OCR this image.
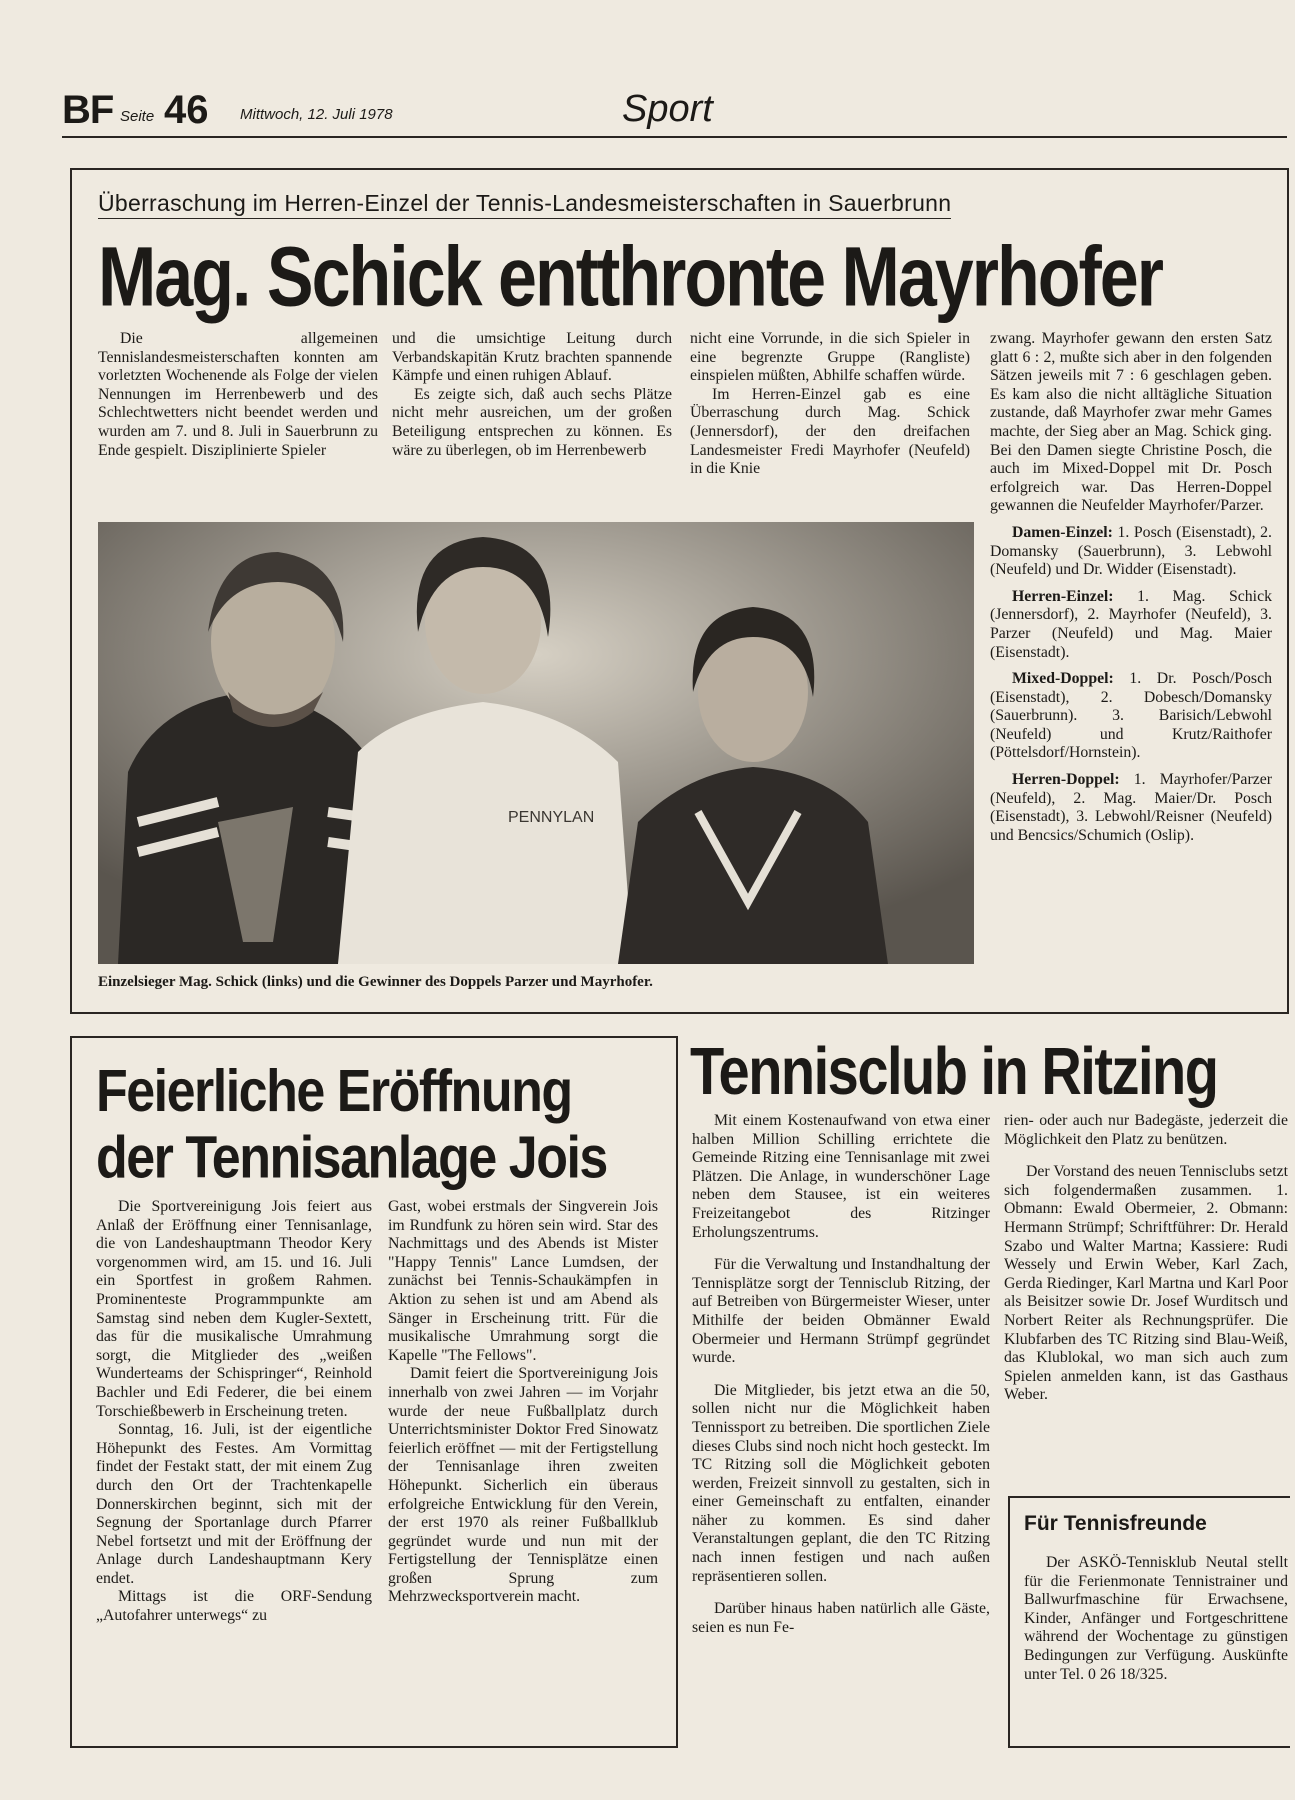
BF Seite 46 Mittwoch, 12. Juli 1978	Sport
Überraschung im Herren-Einzel der Tennis-Landesmeisterschaften in Sauerbrunn
Mag. Schick entthronte Mayrhofer

Die allgemeinen Tennislandesmeisterschaften konnten am vorletzten Wochenende als Folge der vielen Nennungen im Herrenbewerb und des Schlechtwetters nicht beendet werden und wurden am 7. und 8. Juli in Sauerbrunn zu Ende gespielt. Disziplinierte Spieler

und die umsichtige Leitung durch Verbandskapitän Krutz brachten spannende Kämpfe und einen ruhigen Ablauf.

Es zeigte sich, daß auch sechs Plätze nicht mehr ausreichen, um der großen Beteiligung entsprechen zu können. Es wäre zu überlegen, ob im Herrenbewerb

nicht eine Vorrunde, in die sich Spieler in eine begrenzte Gruppe (Rangliste) einspielen müßten, Abhilfe schaffen würde.

Im Herren-Einzel gab es eine Überraschung durch Mag. Schick (Jennersdorf), der den dreifachen Landesmeister Fredi Mayrhofer (Neufeld) in die Knie

zwang. Mayrhofer gewann den ersten Satz glatt 6 : 2, mußte sich aber in den folgenden Sätzen jeweils mit 7 : 6 geschlagen geben. Es kam also die nicht alltägliche Situation zustande, daß Mayrhofer zwar mehr Games machte, der Sieg aber an Mag. Schick ging. Bei den Damen siegte Christine Posch, die auch im Mixed-Doppel mit Dr. Posch erfolgreich war. Das Herren-Doppel gewannen die Neufelder Mayrhofer/Parzer.

Damen-Einzel: 1. Posch (Eisenstadt), 2. Domansky (Sauerbrunn), 3. Lebwohl (Neufeld) und Dr. Widder (Eisenstadt).

Herren-Einzel: 1. Mag. Schick (Jennersdorf), 2. Mayrhofer (Neufeld), 3. Parzer (Neufeld) und Mag. Maier (Eisenstadt).

Mixed-Doppel: 1. Dr. Posch/Posch (Eisenstadt), 2. Dobesch/Domansky (Sauerbrunn). 3. Barisich/Lebwohl (Neufeld) und Krutz/Raithofer (Pöttelsdorf/Hornstein).

Herren-Doppel: 1. Mayrhofer/Parzer (Neufeld), 2. Mag. Maier/Dr. Posch (Eisenstadt), 3. Lebwohl/Reisner (Neufeld) und Bencsics/Schumich (Oslip).

PENNYLAN
Einzelsieger Mag. Schick (links) und die Gewinner des Doppels Parzer und Mayrhofer.
Feierliche Eröffnung
der Tennisanlage Jois

Die Sportvereinigung Jois feiert aus Anlaß der Eröffnung einer Tennisanlage, die von Landeshauptmann Theodor Kery vorgenommen wird, am 15. und 16. Juli ein Sportfest in großem Rahmen. Prominenteste Programmpunkte am Samstag sind neben dem Kugler-Sextett, das für die musikalische Umrahmung sorgt, die Mitglieder des „weißen Wunderteams der Schispringer“, Reinhold Bachler und Edi Federer, die bei einem Torschießbewerb in Erscheinung treten.

Sonntag, 16. Juli, ist der eigentliche Höhepunkt des Festes. Am Vormittag findet der Festakt statt, der mit einem Zug durch den Ort der Trachtenkapelle Donnerskirchen beginnt, sich mit der Segnung der Sportanlage durch Pfarrer Nebel fortsetzt und mit der Eröffnung der Anlage durch Landeshauptmann Kery endet.

Mittags ist die ORF-Sendung „Autofahrer unterwegs“ zu

Gast, wobei erstmals der Singverein Jois im Rundfunk zu hören sein wird. Star des Nachmittags und des Abends ist Mister "Happy Tennis" Lance Lumdsen, der zunächst bei Tennis-Schaukämpfen in Aktion zu sehen ist und am Abend als Sänger in Erscheinung tritt. Für die musikalische Umrahmung sorgt die Kapelle "The Fellows".

Damit feiert die Sportvereinigung Jois innerhalb von zwei Jahren — im Vorjahr wurde der neue Fußballplatz durch Unterrichtsminister Doktor Fred Sinowatz feierlich eröffnet — mit der Fertigstellung der Tennisanlage ihren zweiten Höhepunkt. Sicherlich ein überaus erfolgreiche Entwicklung für den Verein, der erst 1970 als reiner Fußballklub gegründet wurde und nun mit der Fertigstellung der Tennisplätze einen großen Sprung zum Mehrzwecksportverein macht.

Tennisclub in Ritzing

Mit einem Kostenaufwand von etwa einer halben Million Schilling errichtete die Gemeinde Ritzing eine Tennisanlage mit zwei Plätzen. Die Anlage, in wunderschöner Lage neben dem Stausee, ist ein weiteres Freizeitangebot des Ritzinger Erholungszentrums.

Für die Verwaltung und Instandhaltung der Tennisplätze sorgt der Tennisclub Ritzing, der auf Betreiben von Bürgermeister Wieser, unter Mithilfe der beiden Obmänner Ewald Obermeier und Hermann Strümpf gegründet wurde.

Die Mitglieder, bis jetzt etwa an die 50, sollen nicht nur die Möglichkeit haben Tennissport zu betreiben. Die sportlichen Ziele dieses Clubs sind noch nicht hoch gesteckt. Im TC Ritzing soll die Möglichkeit geboten werden, Freizeit sinnvoll zu gestalten, sich in einer Gemeinschaft zu entfalten, einander näher zu kommen. Es sind daher Veranstaltungen geplant, die den TC Ritzing nach innen festigen und nach außen repräsentieren sollen.

Darüber hinaus haben natürlich alle Gäste, seien es nun Fe-

rien- oder auch nur Badegäste, jederzeit die Möglichkeit den Platz zu benützen.

Der Vorstand des neuen Tennisclubs setzt sich folgendermaßen zusammen. 1. Obmann: Ewald Obermeier, 2. Obmann: Hermann Strümpf; Schriftführer: Dr. Herald Szabo und Walter Martna; Kassiere: Rudi Wessely und Erwin Weber, Karl Zach, Gerda Riedinger, Karl Martna und Karl Poor als Beisitzer sowie Dr. Josef Wurditsch und Norbert Reiter als Rechnungsprüfer. Die Klubfarben des TC Ritzing sind Blau-Weiß, das Klublokal, wo man sich auch zum Spielen anmelden kann, ist das Gasthaus Weber.

Für Tennisfreunde

Der ASKÖ-Tennisklub Neutal stellt für die Ferienmonate Tennistrainer und Ballwurfmaschine für Erwachsene, Kinder, Anfänger und Fortgeschrittene während der Wochentage zu günstigen Bedingungen zur Verfügung. Auskünfte unter Tel. 0 26 18/325.
